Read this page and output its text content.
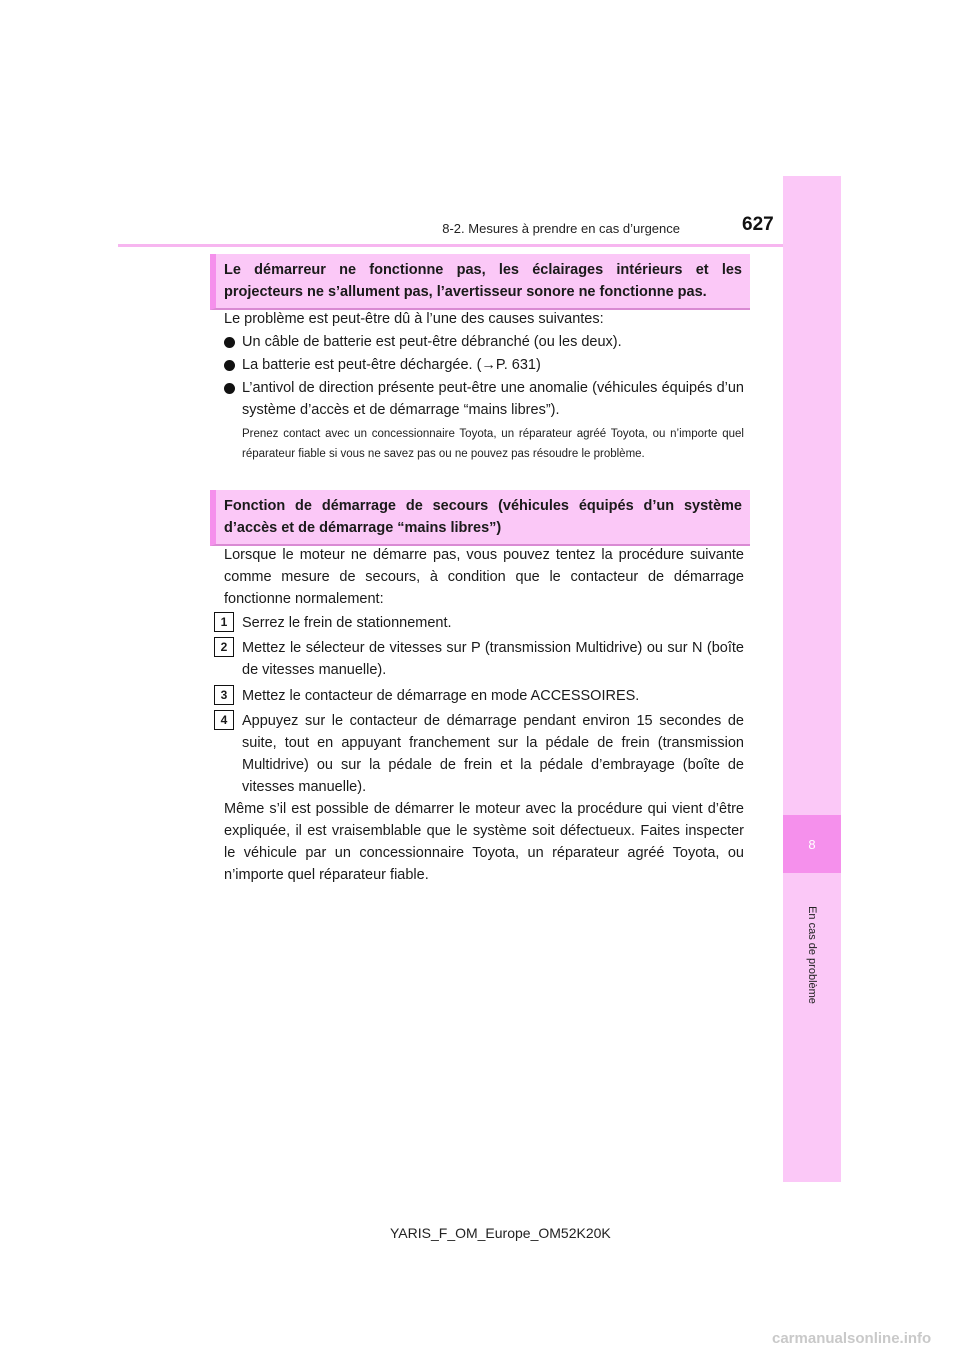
8-2. Mesures à prendre en cas d’urgence	627
8
En cas de problème
Le démarreur ne fonctionne pas, les éclairages intérieurs et les projecteurs ne s’allument pas, l’avertisseur sonore ne fonctionne pas.

Le problème est peut-être dû à l’une des causes suivantes:

Un câble de batterie est peut-être débranché (ou les deux).
La batterie est peut-être déchargée. (→P. 631)
L’antivol de direction présente peut-être une anomalie (véhicules équipés d’un système d’accès et de démarrage “mains libres”).

Prenez contact avec un concessionnaire Toyota, un réparateur agréé Toyota, ou n’importe quel réparateur fiable si vous ne savez pas ou ne pouvez pas résoudre le problème.

Fonction de démarrage de secours (véhicules équipés d’un système d’accès et de démarrage “mains libres”)

Lorsque le moteur ne démarre pas, vous pouvez tentez la procédure suivante comme mesure de secours, à condition que le contacteur de démarrage fonctionne normalement:

1	Serrez le frein de stationnement.
2	Mettez le sélecteur de vitesses sur P (transmission Multidrive) ou sur N (boîte de vitesses manuelle).
3	Mettez le contacteur de démarrage en mode ACCESSOIRES.
4	Appuyez sur le contacteur de démarrage pendant environ 15 secondes de suite, tout en appuyant franchement sur la pédale de frein (transmission Multidrive) ou sur la pédale de frein et la pédale d’embrayage (boîte de vitesses manuelle).

Même s’il est possible de démarrer le moteur avec la procédure qui vient d’être expliquée, il est vraisemblable que le système soit défectueux. Faites inspecter le véhicule par un concessionnaire Toyota, un réparateur agréé Toyota, ou n’importe quel réparateur fiable.

YARIS_F_OM_Europe_OM52K20K
carmanualsonline.info
